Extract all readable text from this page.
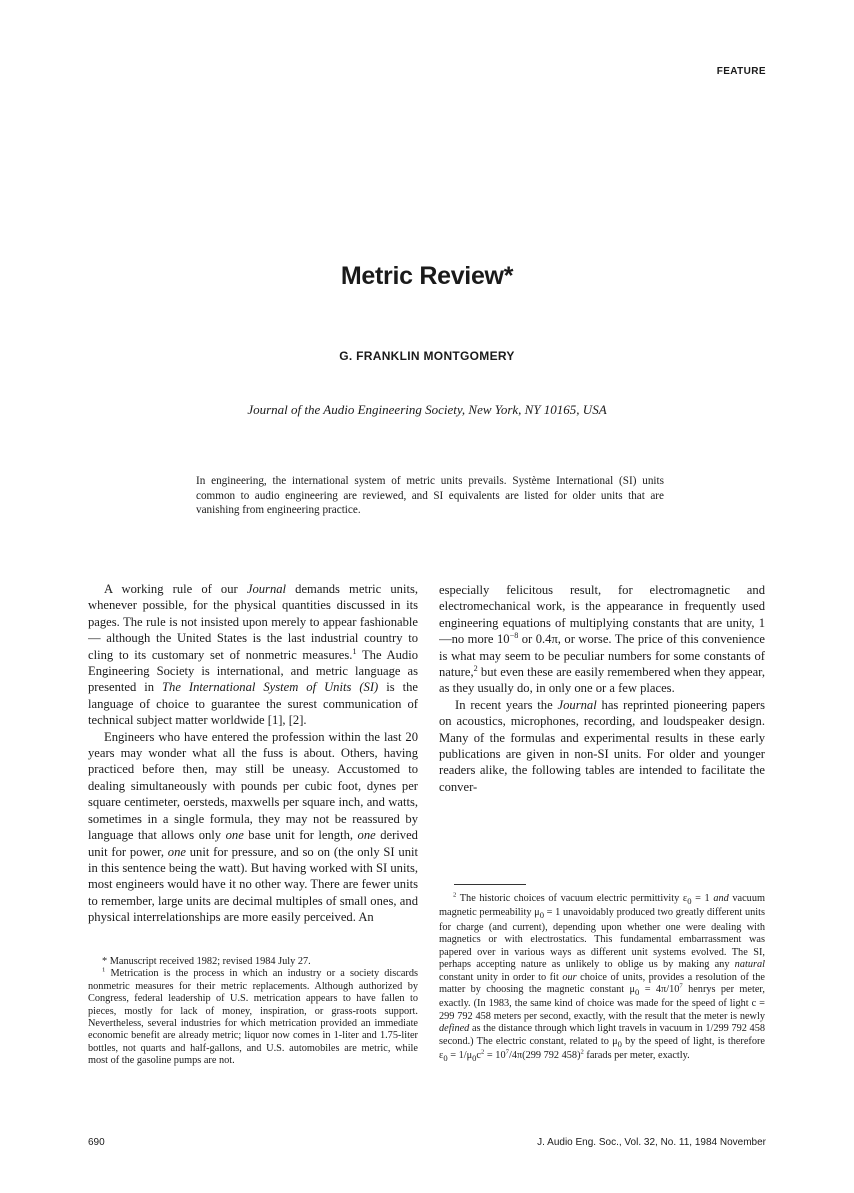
FEATURE
Metric Review*
G. FRANKLIN MONTGOMERY
Journal of the Audio Engineering Society, New York, NY 10165, USA
In engineering, the international system of metric units prevails. Système International (SI) units common to audio engineering are reviewed, and SI equivalents are listed for older units that are vanishing from engineering practice.

A working rule of our Journal demands metric units, whenever possible, for the physical quantities discussed in its pages. The rule is not insisted upon merely to appear fashionable — although the United States is the last industrial country to cling to its customary set of nonmetric measures.$^1$ The Audio Engineering Society is international, and metric language as presented in The International System of Units (SI) is the language of choice to guarantee the surest communication of technical subject matter worldwide [1], [2].

Engineers who have entered the profession within the last 20 years may wonder what all the fuss is about. Others, having practiced before then, may still be uneasy. Accustomed to dealing simultaneously with pounds per cubic foot, dynes per square centimeter, oersteds, maxwells per square inch, and watts, sometimes in a single formula, they may not be reassured by language that allows only one base unit for length, one derived unit for power, one unit for pressure, and so on (the only SI unit in this sentence being the watt). But having worked with SI units, most engineers would have it no other way. There are fewer units to remember, large units are decimal multiples of small ones, and physical interrelationships are more easily perceived. An

especially felicitous result, for electromagnetic and electromechanical work, is the appearance in frequently used engineering equations of multiplying constants that are unity, 1—no more $10^{-8}$ or 0.4π, or worse. The price of this convenience is what may seem to be peculiar numbers for some constants of nature,$^2$ but even these are easily remembered when they appear, as they usually do, in only one or a few places.

In recent years the Journal has reprinted pioneering papers on acoustics, microphones, recording, and loudspeaker design. Many of the formulas and experimental results in these early publications are given in non-SI units. For older and younger readers alike, the following tables are intended to facilitate the conver-

* Manuscript received 1982; revised 1984 July 27.

$^1$ Metrication is the process in which an industry or a society discards nonmetric measures for their metric replacements. Although authorized by Congress, federal leadership of U.S. metrication appears to have fallen to pieces, mostly for lack of money, inspiration, or grass-roots support. Nevertheless, several industries for which metrication provided an immediate economic benefit are already metric; liquor now comes in 1-liter and 1.75-liter bottles, not quarts and half-gallons, and U.S. automobiles are metric, while most of the gasoline pumps are not.

$^2$ The historic choices of vacuum electric permittivity $\varepsilon_0 = 1$ and vacuum magnetic permeability $\mu_0 = 1$ unavoidably produced two greatly different units for charge (and current), depending upon whether one were dealing with magnetics or with electrostatics. This fundamental embarrassment was papered over in various ways as different unit systems evolved. The SI, perhaps accepting nature as unlikely to oblige us by making any natural constant unity in order to fit our choice of units, provides a resolution of the matter by choosing the magnetic constant $\mu_0 = 4\pi/10^7$ henrys per meter, exactly. (In 1983, the same kind of choice was made for the speed of light c = 299 792 458 meters per second, exactly, with the result that the meter is newly defined as the distance through which light travels in vacuum in 1/299 792 458 second.) The electric constant, related to $\mu_0$ by the speed of light, is therefore $\varepsilon_0 = 1/\mu_0c^2 = 10^7/4\pi(299$ 792 458)$^2$ farads per meter, exactly.

690	J. Audio Eng. Soc., Vol. 32, No. 11, 1984 November
